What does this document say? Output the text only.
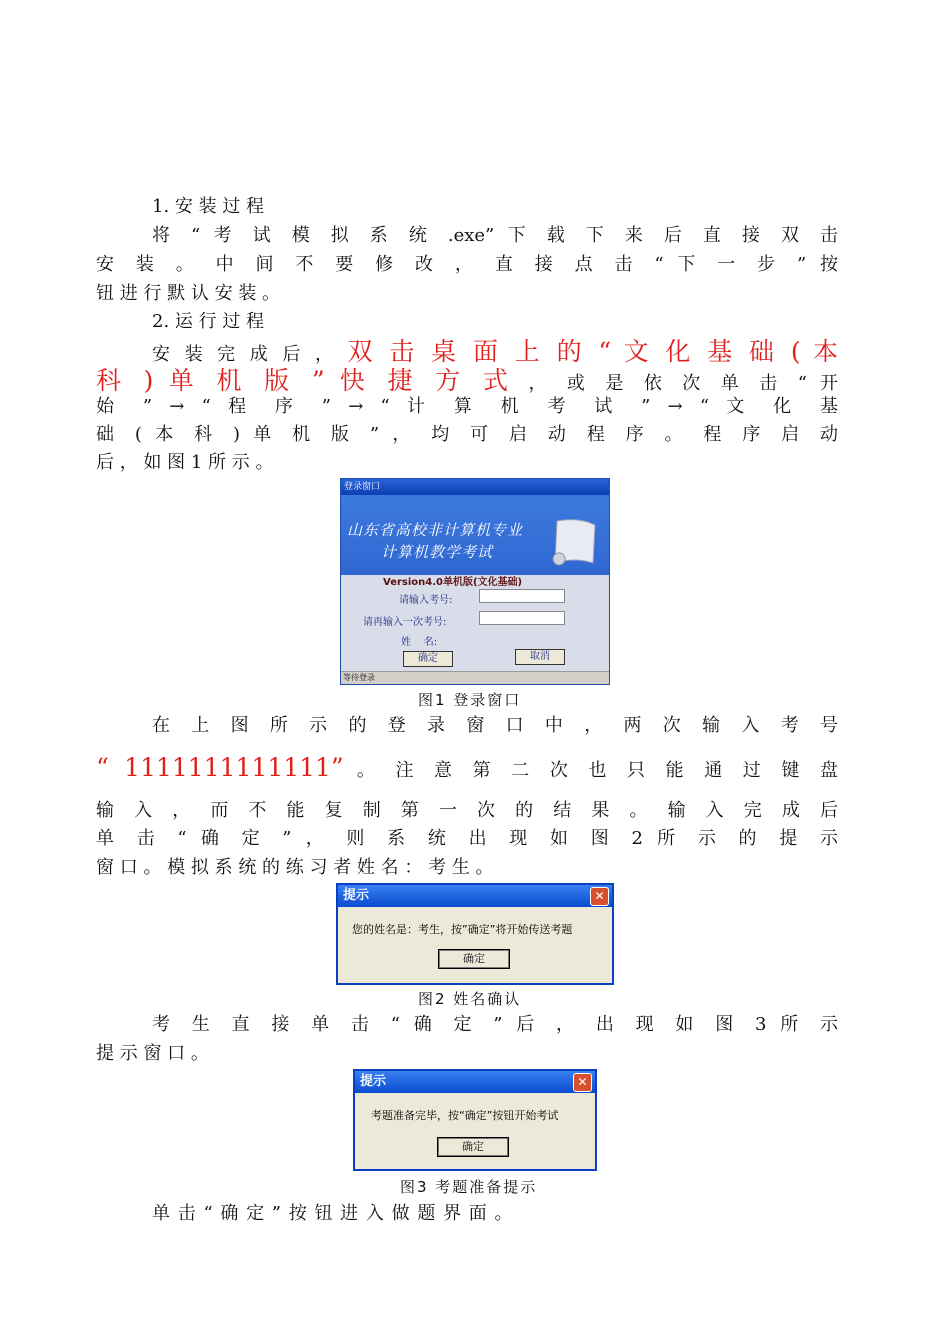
1. 安 装 过 程
将 “ 考 试 模 拟 系 统 .exe” 下 载 下 来 后 直 接 双 击
安 装 。 中 间 不 要 修 改 ， 直 接 点 击 “ 下 一 步 ” 按
钮 进 行 默 认 安 装 。
2. 运 行 过 程
安 装 完 成 后 ， 双 击 桌 面 上 的 “ 文 化 基 础 ( 本
科 ) 单 机 版 ” 快 捷 方 式 ， 或 是 依 次 单 击 “ 开
始 ” → “ 程 序 ” → “ 计 算 机 考 试 ” → “ 文 化 基
础 ( 本 科 ) 单 机 版 ” ， 均 可 启 动 程 序 。 程 序 启 动
后 ， 如 图 1 所 示 。
在 上 图 所 示 的 登 录 窗 口 中 ， 两 次 输 入 考 号
“ 1111111111111” 。 注 意 第 二 次 也 只 能 通 过 键 盘
输 入 ， 而 不 能 复 制 第 一 次 的 结 果 。 输 入 完 成 后
单 击 “ 确 定 ” ， 则 系 统 出 现 如 图 2 所 示 的 提 示
窗 口 。 模 拟 系 统 的 练 习 者 姓 名 ： 考 生 。
考 生 直 接 单 击 “ 确 定 ” 后 ， 出 现 如 图 3 所 示
提 示 窗 口 。
单 击 “ 确 定 ” 按 钮 进 入 做 题 界 面 。
登录窗口
山东省高校非计算机专业
计算机教学考试
Version4.0单机版(文化基础)
请输入考号:
请再输入一次考号:
姓    名:
确定	取消
等待登录
图1 登录窗口
提示	✕
您的姓名是：考生，按”确定”将开始传送考题
确定
图2 姓名确认
提示	✕
考题准备完毕，按“确定”按钮开始考试
确定
图3 考题准备提示
